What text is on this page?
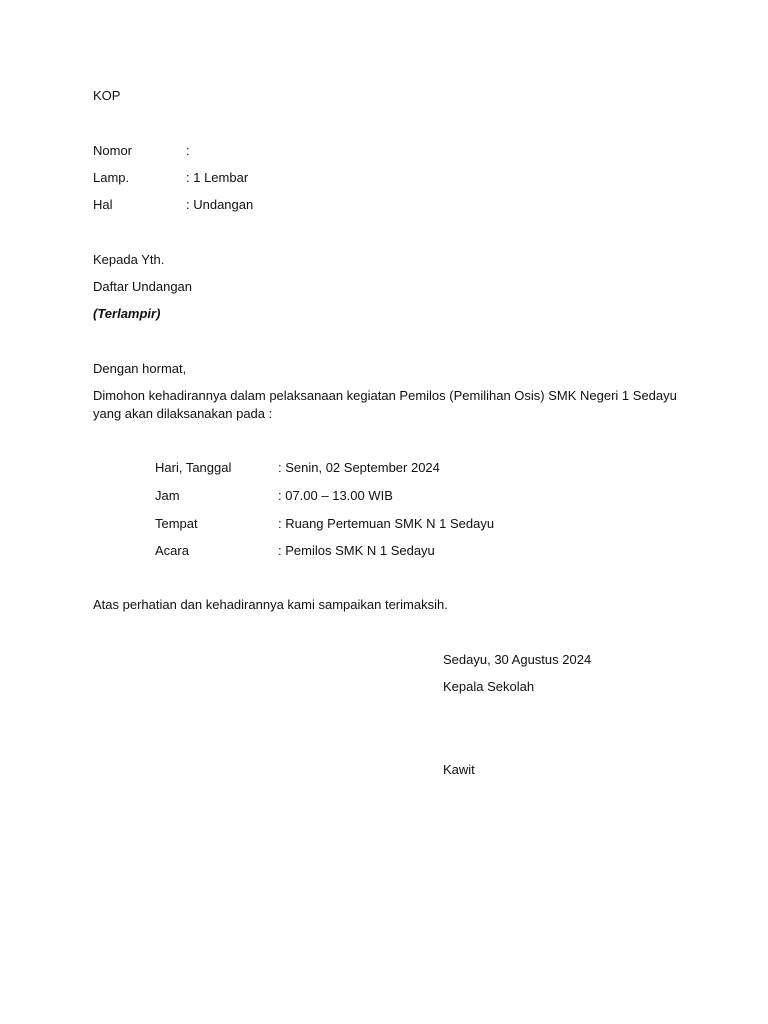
KOP
Nomor	:
Lamp.	: 1 Lembar
Hal	: Undangan
Kepada Yth.
Daftar Undangan
(Terlampir)
Dengan hormat,
Dimohon kehadirannya dalam pelaksanaan kegiatan Pemilos (Pemilihan Osis) SMK Negeri 1 Sedayu
yang akan dilaksanakan pada :
Hari, Tanggal	: Senin, 02 September 2024
Jam	: 07.00 – 13.00 WIB
Tempat	: Ruang Pertemuan SMK N 1 Sedayu
Acara	: Pemilos SMK N 1 Sedayu
Atas perhatian dan kehadirannya kami sampaikan terimaksih.
Sedayu, 30 Agustus 2024
Kepala Sekolah
Kawit
